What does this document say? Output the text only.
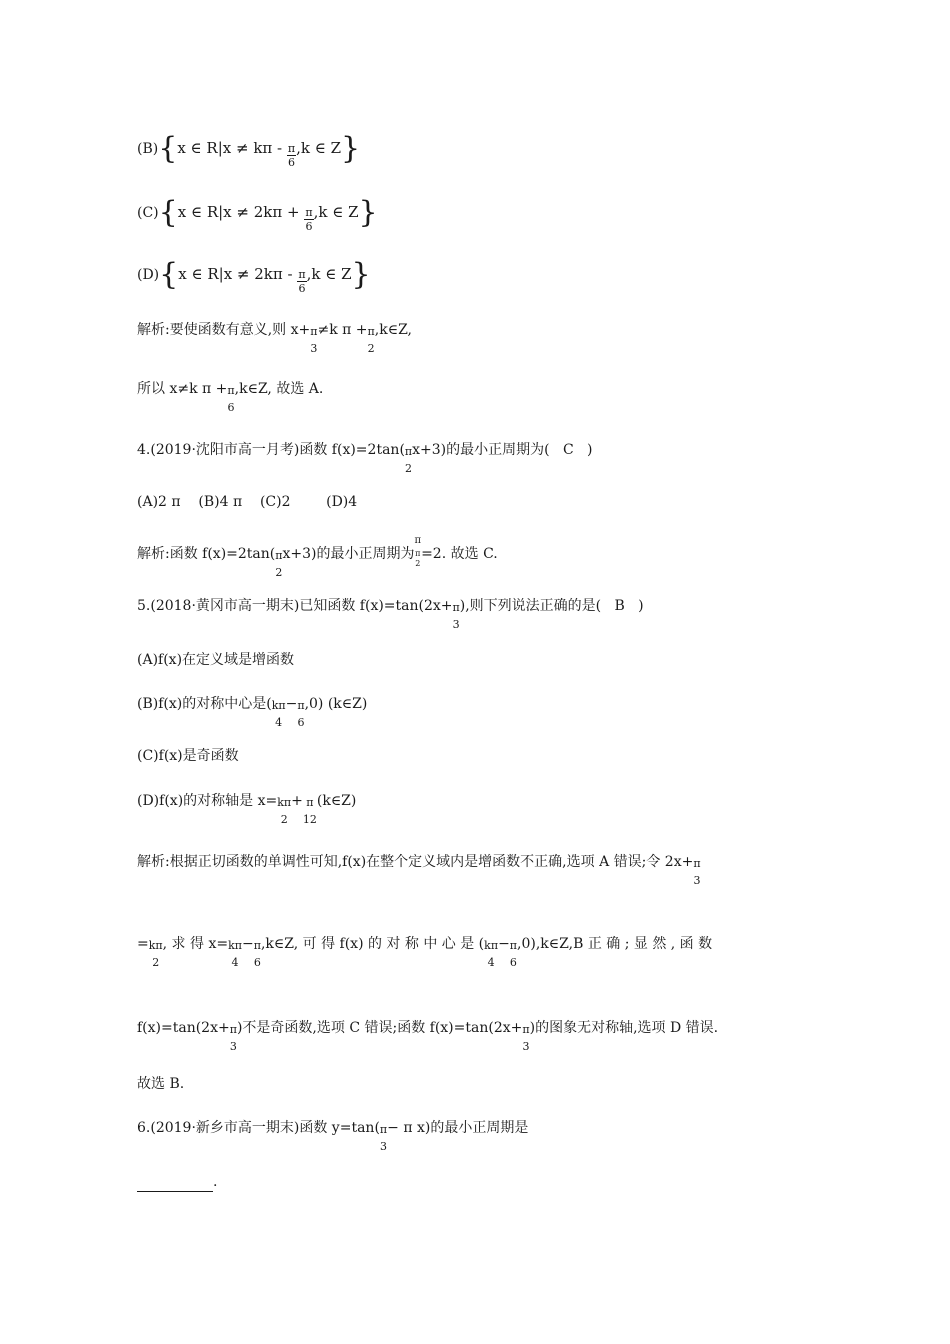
(B){x ∈ $R|x \ne k\pi - \frac{\pi}{6} ,k$ ∈ Z}
(C){x ∈ $R|x \ne 2k\pi + \frac{\pi}{6} ,k$ ∈ Z}
(D){x ∈ $R|x \ne 2k\pi - \frac{\pi}{6} ,k$ ∈ Z}
解析:要使函数有意义,则 x+ π
3
≠k π + π
2
,k∈Z,
所以 x≠k π + π
6
,k∈Z, 故选 A.
4.(2019·沈阳市高一月考)函数 f(x)=2tan( π
2
x+3)的最小正周期为( C )
(A)2 π    (B)4 π    (C)2        (D)4
解析:函数 f(x)=2tan( π
2
x+3)的最小正周期为
π
π
2
=2. 故选 C.
5.(2018·黄冈市高一期末)已知函数 f(x)=tan(2x+ π
3
),则下列说法正确的是( B )
(A)f(x)在定义域是增函数
(B)f(x)的对称中心是( kπ
4
− π
6
,0) (k∈Z)
(C)f(x)是奇函数
(D)f(x)的对称轴是 x= kπ
2
+ π
12
(k∈Z)
解析:根据正切函数的单调性可知,f(x)在整个定义域内是增函数不正确,选项 A 错误;令 2x+ π
3
= kπ
2
, 求 得 x= kπ
4
− π
6
,k∈Z, 可 得 f(x) 的 对 称 中 心 是 ( kπ
4
− π
6
,0),k∈Z,B 正 确 ; 显 然 , 函 数
f(x)=tan(2x+ π
3
)不是奇函数,选项 C 错误;函数 f(x)=tan(2x+ π
3
)的图象无对称轴,选项 D 错误.
故选 B.
6.(2019·新乡市高一期末)函数 y=tan( π
3
− π x)的最小正周期是
.
